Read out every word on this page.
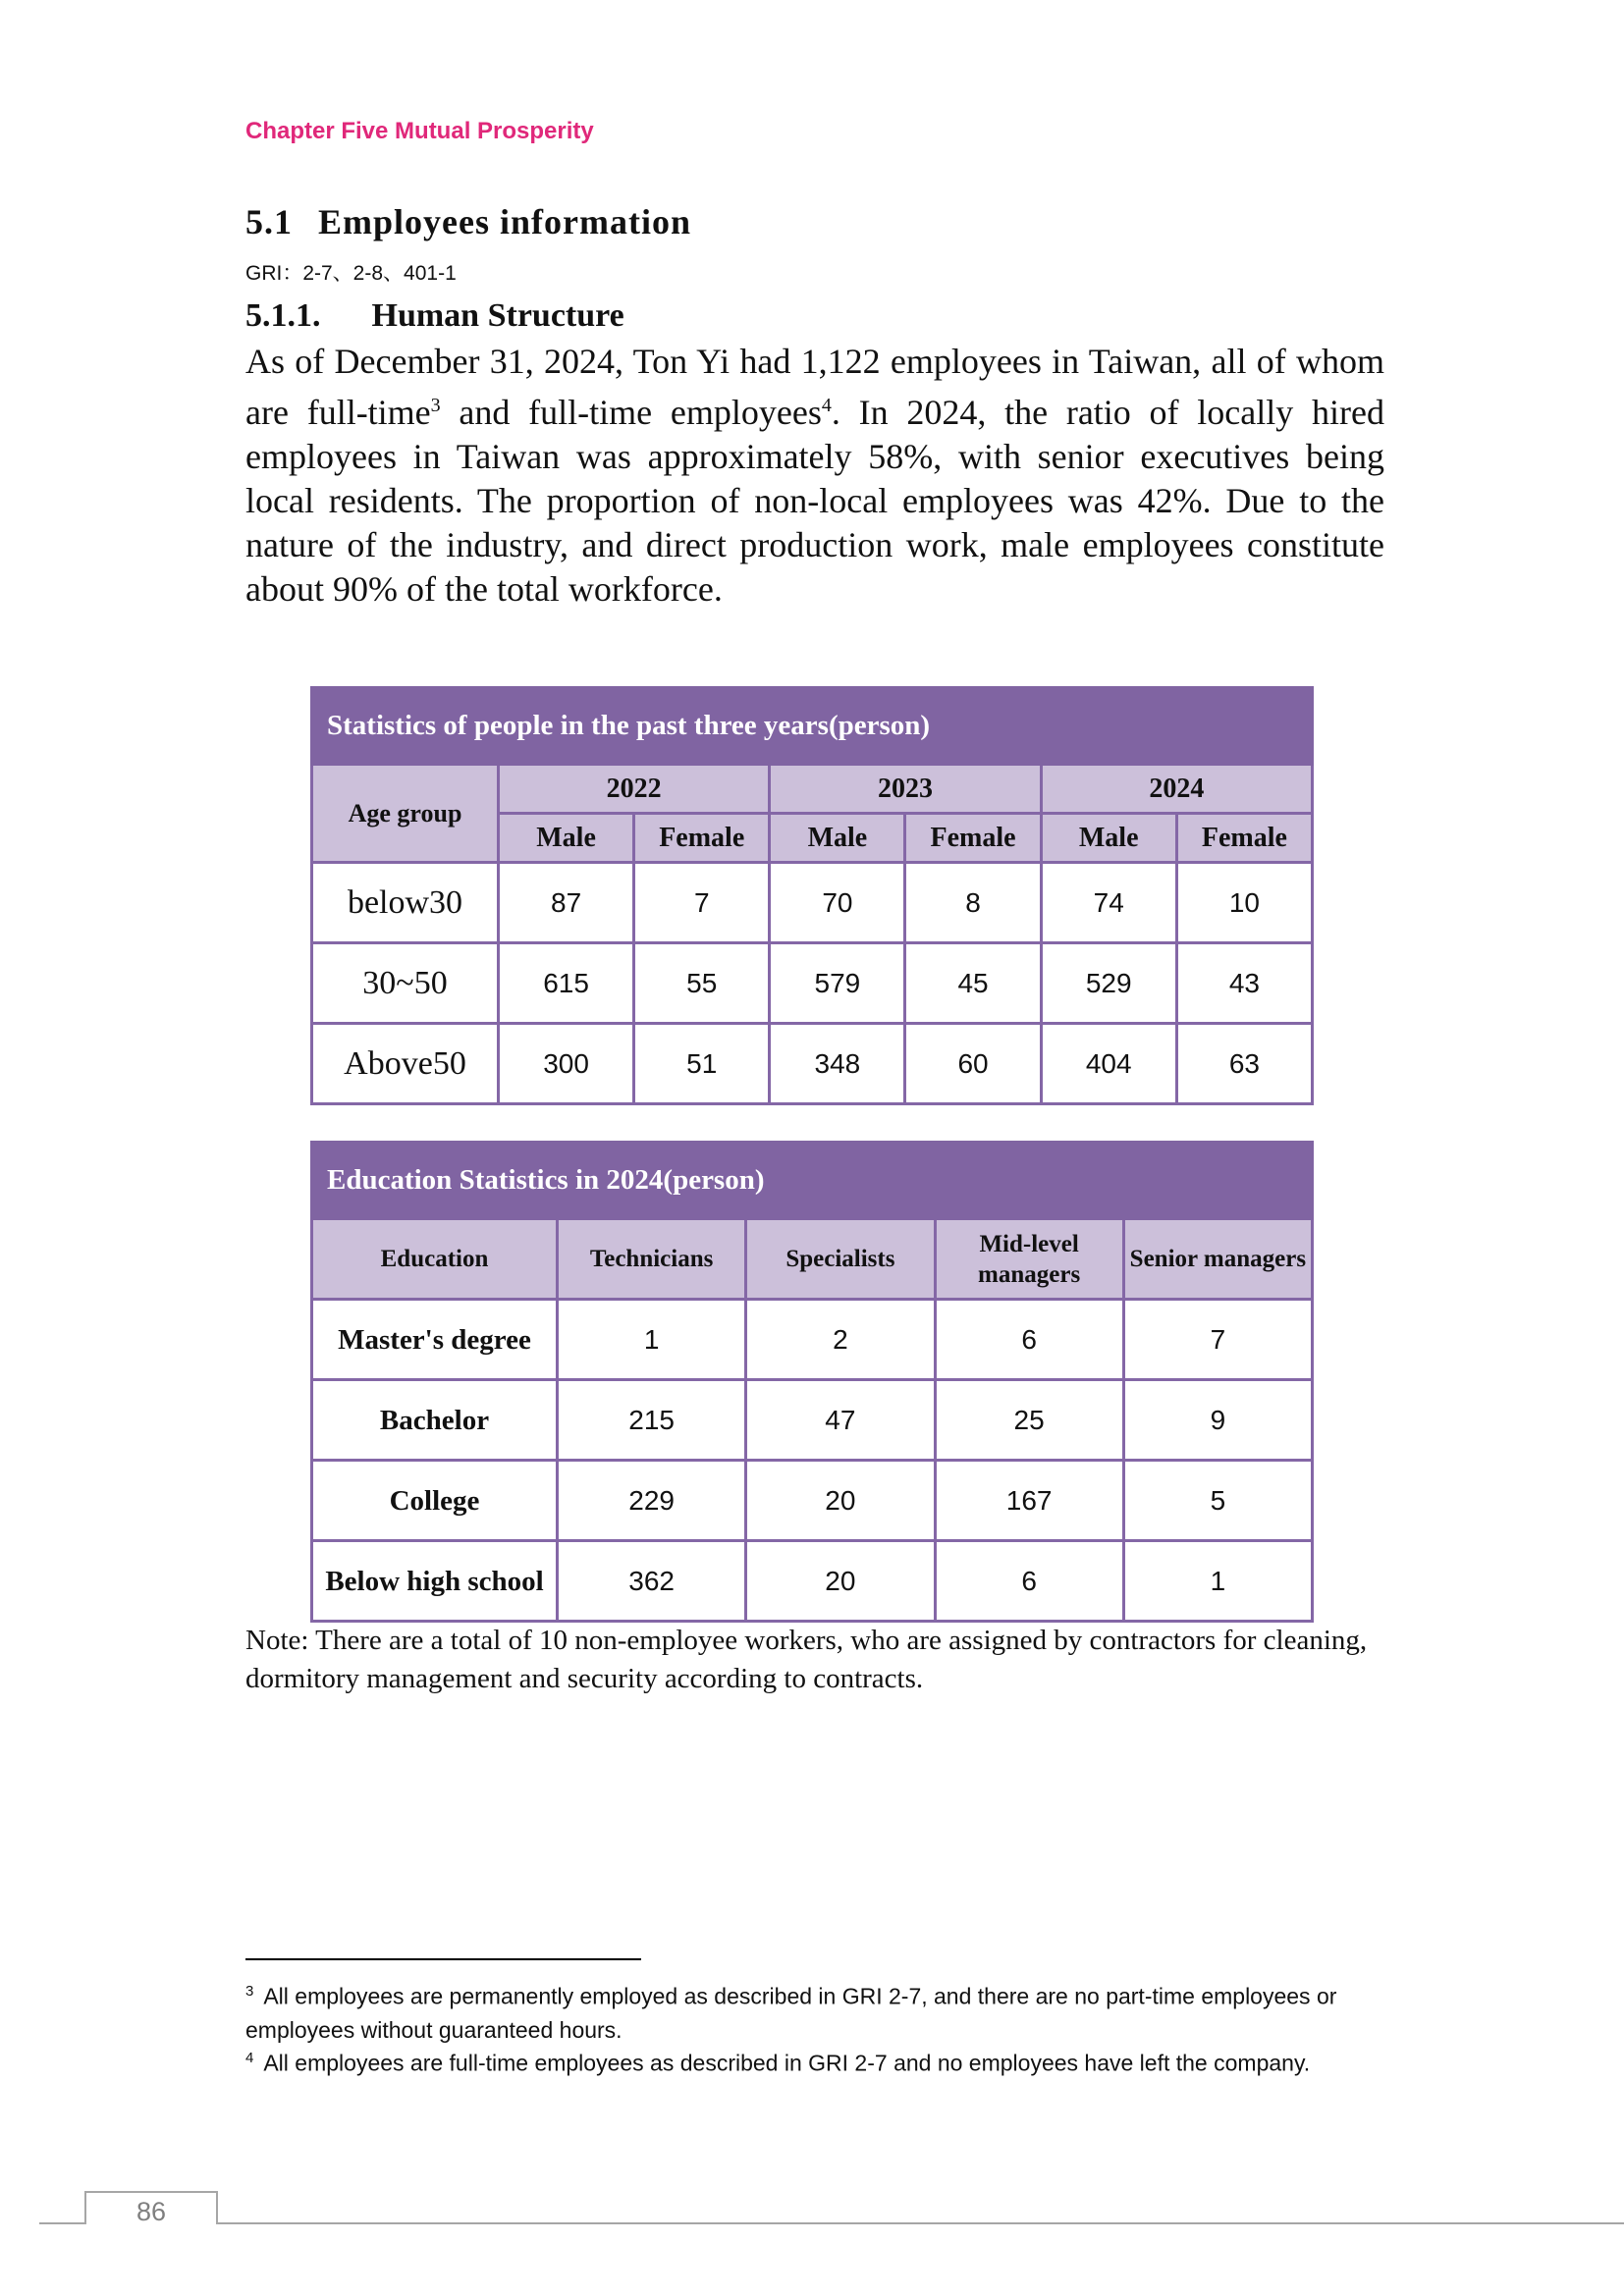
Chapter Five Mutual Prosperity
5.1 Employees information
GRI：2-7、2-8、401-1
5.1.1. Human Structure
As of December 31, 2024, Ton Yi had 1,122 employees in Taiwan, all of whom are full-time$^3$ and full-time employees$^4$. In 2024, the ratio of locally hired employees in Taiwan was approximately 58%, with senior executives being local residents. The proportion of non-local employees was 42%. Due to the nature of the industry, and direct production work, male employees constitute about 90% of the total workforce.
Statistics of people in the past three years(person)						
Age group	2022		2023		2024	
	Male	Female	Male	Female	Male	Female
below30	87	7	70	8	74	10
30~50	615	55	579	45	529	43
Above50	300	51	348	60	404	63
Education Statistics in 2024(person)				
Education	Technicians	Specialists	Mid-level managers	Senior managers
Master's degree	1	2	6	7
Bachelor	215	47	25	9
College	229	20	167	5
Below high school	362	20	6	1
Note: There are a total of 10 non-employee workers, who are assigned by contractors for cleaning, dormitory management and security according to contracts.
$^3$ All employees are permanently employed as described in GRI 2-7, and there are no part-time employees or employees without guaranteed hours.
$^4$ All employees are full-time employees as described in GRI 2-7 and no employees have left the company.
86
